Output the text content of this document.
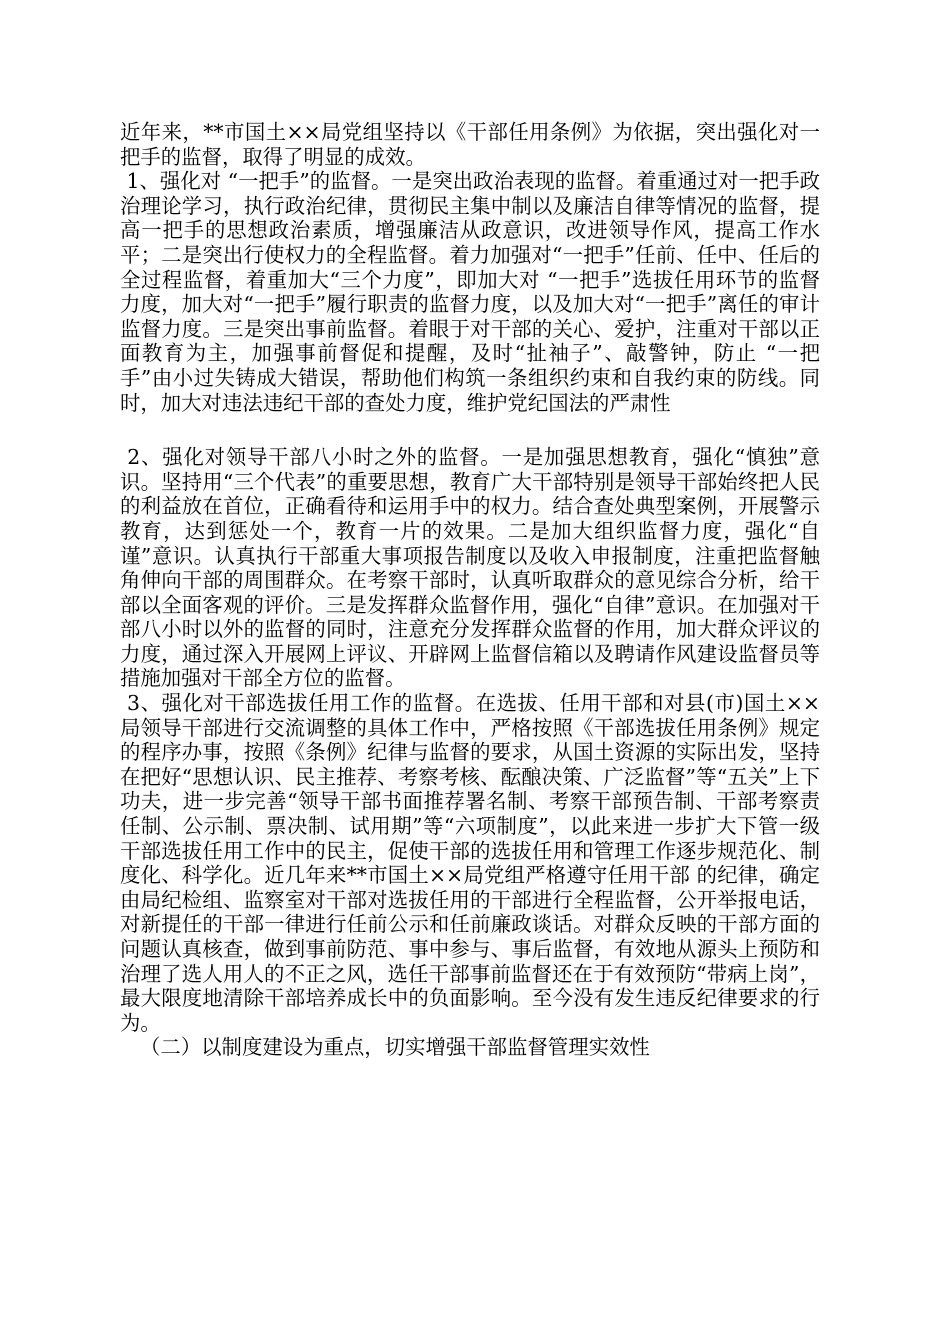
近年来，**市国土××局党组坚持以《干部任用条例》为依据，突出强化对一把手的监督，取得了明显的成效。

1、强化对 “一把手”的监督。一是突出政治表现的监督。着重通过对一把手政治理论学习，执行政治纪律，贯彻民主集中制以及廉洁自律等情况的监督，提高一把手的思想政治素质，增强廉洁从政意识，改进领导作风，提高工作水平；二是突出行使权力的全程监督。着力加强对“一把手”任前、任中、任后的全过程监督，着重加大“三个力度”，即加大对 “一把手”选拔任用环节的监督力度，加大对“一把手”履行职责的监督力度，以及加大对“一把手”离任的审计监督力度。三是突出事前监督。着眼于对干部的关心、爱护，注重对干部以正面教育为主，加强事前督促和提醒，及时“扯袖子”、敲警钟，防止 “一把手”由小过失铸成大错误，帮助他们构筑一条组织约束和自我约束的防线。同时，加大对违法违纪干部的查处力度，维护党纪国法的严肃性

2、强化对领导干部八小时之外的监督。一是加强思想教育，强化“慎独”意识。坚持用“三个代表”的重要思想，教育广大干部特别是领导干部始终把人民的利益放在首位，正确看待和运用手中的权力。结合查处典型案例，开展警示教育，达到惩处一个，教育一片的效果。二是加大组织监督力度，强化“自谨”意识。认真执行干部重大事项报告制度以及收入申报制度，注重把监督触角伸向干部的周围群众。在考察干部时，认真听取群众的意见综合分析，给干部以全面客观的评价。三是发挥群众监督作用，强化“自律”意识。在加强对干部八小时以外的监督的同时，注意充分发挥群众监督的作用，加大群众评议的力度，通过深入开展网上评议、开辟网上监督信箱以及聘请作风建设监督员等措施加强对干部全方位的监督。

3、强化对干部选拔任用工作的监督。在选拔、任用干部和对县(市)国土××局领导干部进行交流调整的具体工作中，严格按照《干部选拔任用条例》规定的程序办事，按照《条例》纪律与监督的要求，从国土资源的实际出发，坚持在把好“思想认识、民主推荐、考察考核、酝酿决策、广泛监督”等“五关”上下功夫，进一步完善“领导干部书面推荐署名制、考察干部预告制、干部考察责任制、公示制、票决制、试用期”等“六项制度”，以此来进一步扩大下管一级干部选拔任用工作中的民主，促使干部的选拔任用和管理工作逐步规范化、制度化、科学化。近几年来**市国土××局党组严格遵守任用干部 的纪律，确定由局纪检组、监察室对干部对选拔任用的干部进行全程监督，公开举报电话，对新提任的干部一律进行任前公示和任前廉政谈话。对群众反映的干部方面的问题认真核查，做到事前防范、事中参与、事后监督，有效地从源头上预防和治理了选人用人的不正之风，选任干部事前监督还在于有效预防“带病上岗”，最大限度地清除干部培养成长中的负面影响。至今没有发生违反纪律要求的行为。

（二）以制度建设为重点，切实增强干部监督管理实效性
